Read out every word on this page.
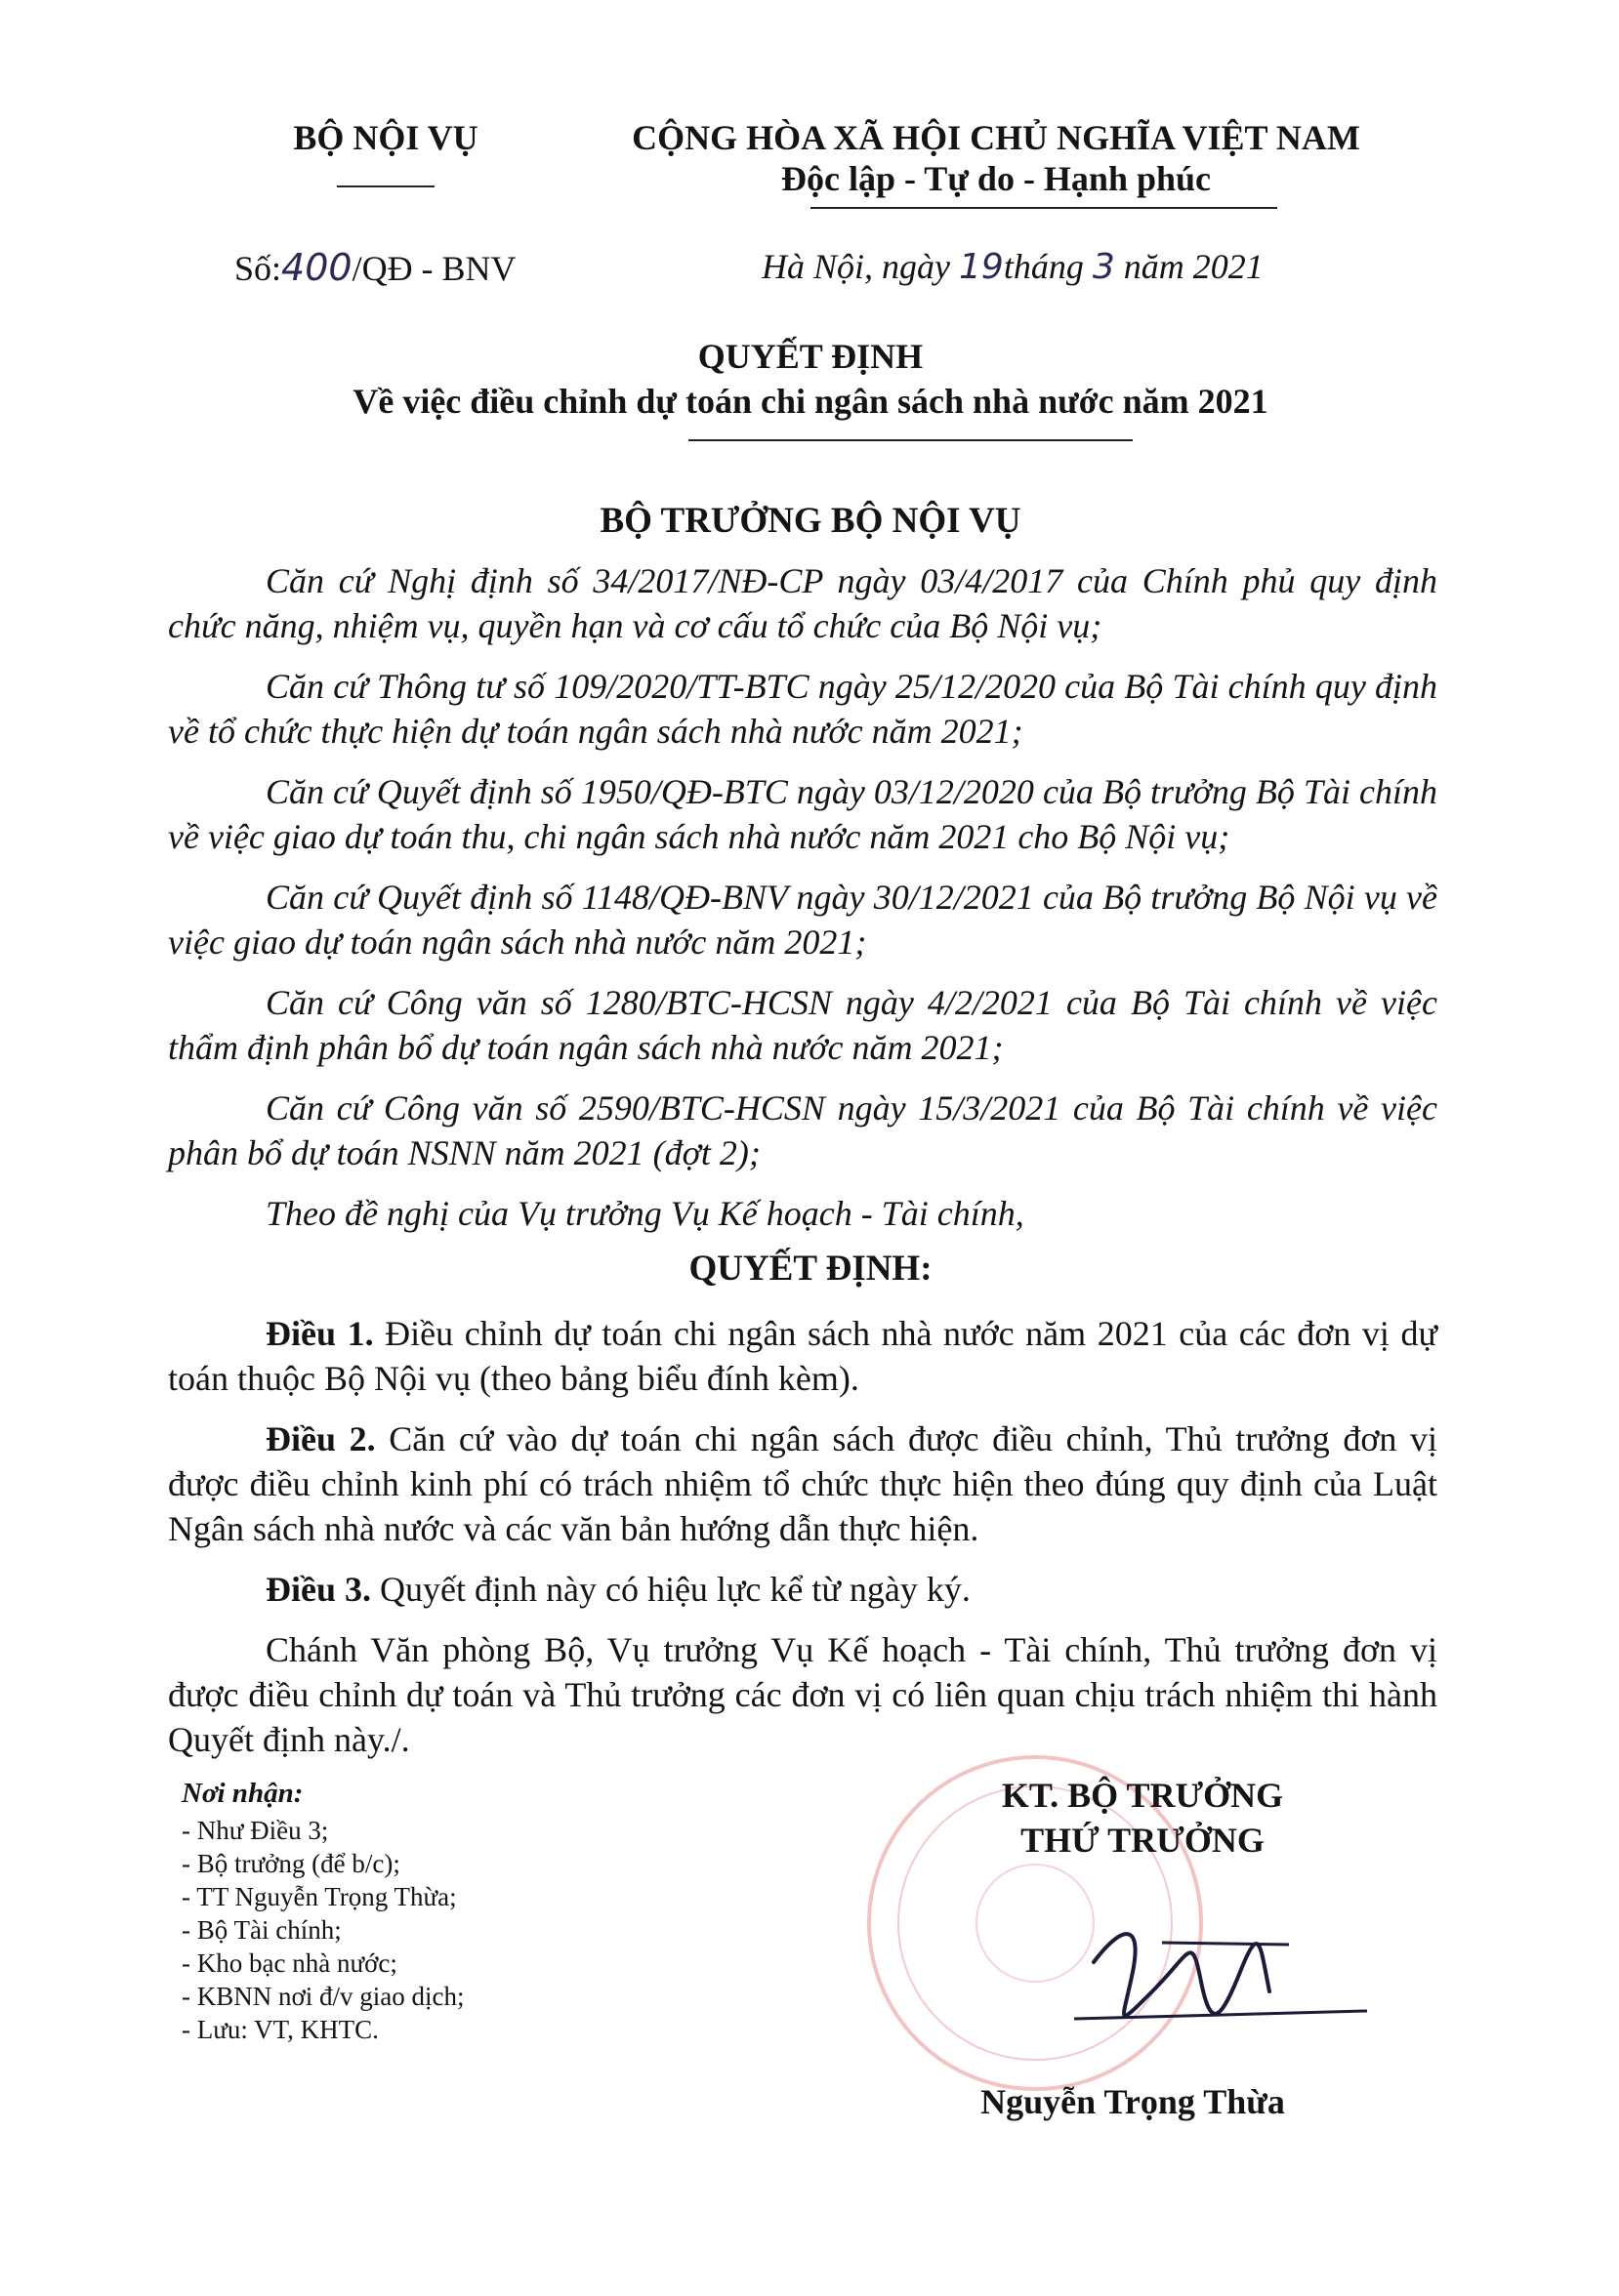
BỘ NỘI VỤ	CỘNG HÒA XÃ HỘI CHỦ NGHĨA VIỆT NAM
Độc lập - Tự do - Hạnh phúc
Số:400/QĐ - BNV	Hà Nội, ngày 19tháng 3 năm 2021
QUYẾT ĐỊNH
Về việc điều chỉnh dự toán chi ngân sách nhà nước năm 2021
BỘ TRƯỞNG BỘ NỘI VỤ

Căn cứ Nghị định số 34/2017/NĐ-CP ngày 03/4/2017 của Chính phủ quy định chức năng, nhiệm vụ, quyền hạn và cơ cấu tổ chức của Bộ Nội vụ;

Căn cứ Thông tư số 109/2020/TT-BTC ngày 25/12/2020 của Bộ Tài chính quy định về tổ chức thực hiện dự toán ngân sách nhà nước năm 2021;

Căn cứ Quyết định số 1950/QĐ-BTC ngày 03/12/2020 của Bộ trưởng Bộ Tài chính về việc giao dự toán thu, chi ngân sách nhà nước năm 2021 cho Bộ Nội vụ;

Căn cứ Quyết định số 1148/QĐ-BNV ngày 30/12/2021 của Bộ trưởng Bộ Nội vụ về việc giao dự toán ngân sách nhà nước năm 2021;

Căn cứ Công văn số 1280/BTC-HCSN ngày 4/2/2021 của Bộ Tài chính về việc thẩm định phân bổ dự toán ngân sách nhà nước năm 2021;

Căn cứ Công văn số 2590/BTC-HCSN ngày 15/3/2021 của Bộ Tài chính về việc phân bổ dự toán NSNN năm 2021 (đợt 2);

Theo đề nghị của Vụ trưởng Vụ Kế hoạch - Tài chính,

QUYẾT ĐỊNH:

Điều 1. Điều chỉnh dự toán chi ngân sách nhà nước năm 2021 của các đơn vị dự toán thuộc Bộ Nội vụ (theo bảng biểu đính kèm).

Điều 2. Căn cứ vào dự toán chi ngân sách được điều chỉnh, Thủ trưởng đơn vị được điều chỉnh kinh phí có trách nhiệm tổ chức thực hiện theo đúng quy định của Luật Ngân sách nhà nước và các văn bản hướng dẫn thực hiện.

Điều 3. Quyết định này có hiệu lực kể từ ngày ký.

Chánh Văn phòng Bộ, Vụ trưởng Vụ Kế hoạch - Tài chính, Thủ trưởng đơn vị được điều chỉnh dự toán và Thủ trưởng các đơn vị có liên quan chịu trách nhiệm thi hành Quyết định này./.

Nơi nhận:
- Như Điều 3;
- Bộ trưởng (để b/c);
- TT Nguyễn Trọng Thừa;
- Bộ Tài chính;
- Kho bạc nhà nước;
- KBNN nơi đ/v giao dịch;
- Lưu: VT, KHTC.
KT. BỘ TRƯỞNG
THỨ TRƯỞNG
Nguyễn Trọng Thừa
